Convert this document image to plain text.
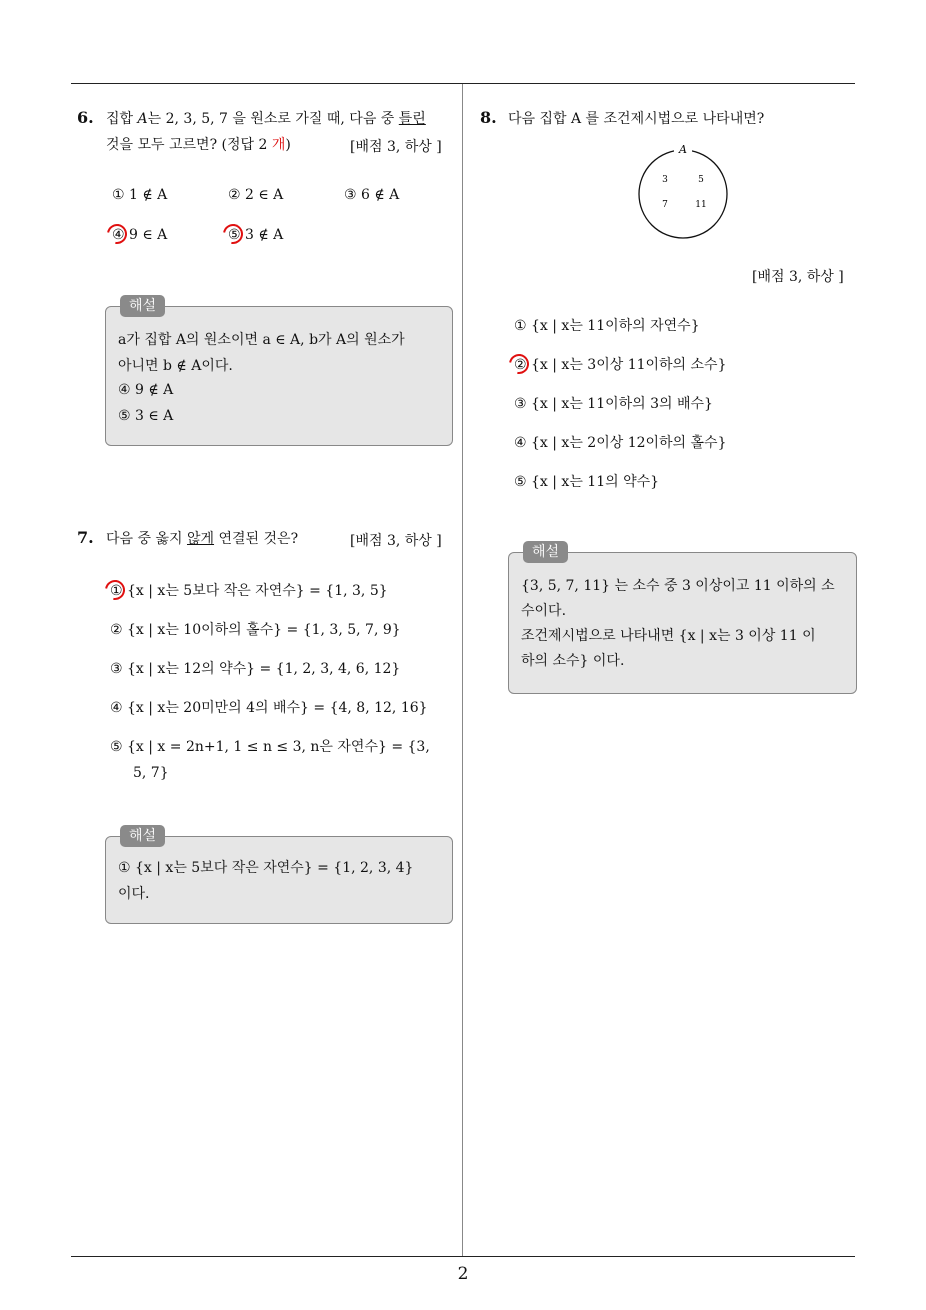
2
6. 집합 A는 2, 3, 5, 7 을 원소로 가질 때, 다음 중 틀린
것을 모두 고르면? (정답 2 개)	[배점 3, 하상 ]
① 1 ∉ A	② 2 ∈ A	③ 6 ∉ A
④ 9 ∈ A	⑤ 3 ∉ A
해설
a가 집합 A의 원소이면 a ∈ A, b가 A의 원소가
아니면 b ∉ A이다.
④ 9 ∉ A
⑤ 3 ∈ A
7. 다음 중 옳지 않게 연결된 것은?	[배점 3, 하상 ]
① {x | x는 5보다 작은 자연수} = {1, 3, 5}
② {x | x는 10이하의 홀수} = {1, 3, 5, 7, 9}
③ {x | x는 12의 약수} = {1, 2, 3, 4, 6, 12}
④ {x | x는 20미만의 4의 배수} = {4, 8, 12, 16}
⑤ {x | x = 2n+1, 1 ≤ n ≤ 3, n은 자연수} = {3,
5, 7}
해설
① {x | x는 5보다 작은 자연수} = {1, 2, 3, 4}
이다.
8. 다음 집합 A 를 조건제시법으로 나타내면?
A
3	5
7	11
[배점 3, 하상 ]
① {x | x는 11이하의 자연수}
② {x | x는 3이상 11이하의 소수}
③ {x | x는 11이하의 3의 배수}
④ {x | x는 2이상 12이하의 홀수}
⑤ {x | x는 11의 약수}
해설
{3, 5, 7, 11} 는 소수 중 3 이상이고 11 이하의 소
수이다.
조건제시법으로 나타내면 {x | x는 3 이상 11 이
하의 소수} 이다.
